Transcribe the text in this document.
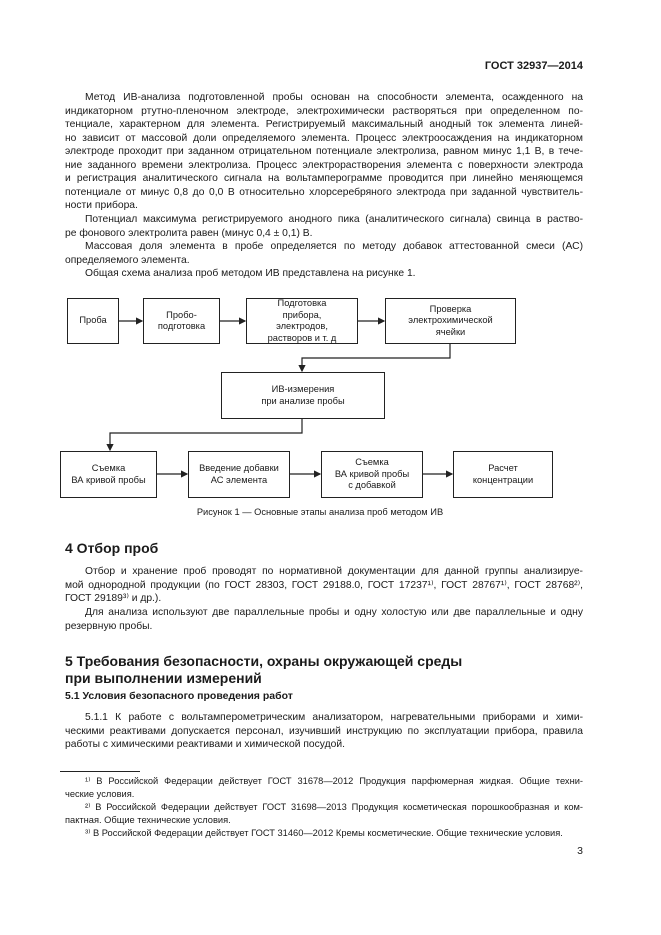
ГОСТ 32937—2014
Метод ИВ-анализа подготовленной пробы основан на способности элемента, осажденного на
индикаторном ртутно-пленочном электроде, электрохимически растворяться при определенном по-
тенциале, характерном для элемента. Регистрируемый максимальный анодный ток элемента линей-
но зависит от массовой доли определяемого элемента. Процесс электроосаждения на индикаторном
электроде проходит при заданном отрицательном потенциале электролиза, равном минус 1,1 В, в тече-
ние заданного времени электролиза. Процесс электрорастворения элемента с поверхности электрода
и регистрация аналитического сигнала на вольтамперограмме проводится при линейно меняющемся
потенциале от минус 0,8 до 0,0 В относительно хлорсеребряного электрода при заданной чувствитель-
ности прибора.
Потенциал максимума регистрируемого анодного пика (аналитического сигнала) свинца в раство-
ре фонового электролита равен (минус 0,4 ± 0,1) В.
Массовая доля элемента в пробе определяется по методу добавок аттестованной смеси (АС)
определяемого элемента.
Общая схема анализа проб методом ИВ представлена на рисунке 1.
Проба
Пробо-
подготовка
Подготовка
прибора,
электродов,
растворов и т. д
Проверка
электрохимической
ячейки
ИВ-измерения
при анализе пробы
Съемка
ВА кривой пробы
Введение добавки
АС элемента
Съемка
ВА кривой пробы
с добавкой
Расчет
концентрации
Рисунок 1 — Основные этапы анализа проб методом ИВ
4 Отбор проб
Отбор и хранение проб проводят по нормативной документации для данной группы анализируе-
мой однородной продукции (по ГОСТ 28303, ГОСТ 29188.0, ГОСТ 17237¹⁾, ГОСТ 28767¹⁾, ГОСТ 28768²⁾,
ГОСТ 29189³⁾ и др.).
Для анализа используют две параллельные пробы и одну холостую или две параллельные и одну
резервную пробы.
5 Требования безопасности, охраны окружающей среды
при выполнении измерений
5.1 Условия безопасного проведения работ
5.1.1 К работе с вольтамперометрическим анализатором, нагревательными приборами и хими-
ческими реактивами допускается персонал, изучивший инструкцию по эксплуатации прибора, правила
работы с химическими реактивами и химической посудой.
¹⁾ В Российской Федерации действует ГОСТ 31678—2012 Продукция парфюмерная жидкая. Общие техни-
ческие условия.
²⁾ В Российской Федерации действует ГОСТ 31698—2013 Продукция косметическая порошкообразная и ком-
пактная. Общие технические условия.
³⁾ В Российской Федерации действует ГОСТ 31460—2012 Кремы косметические. Общие технические условия.
3
